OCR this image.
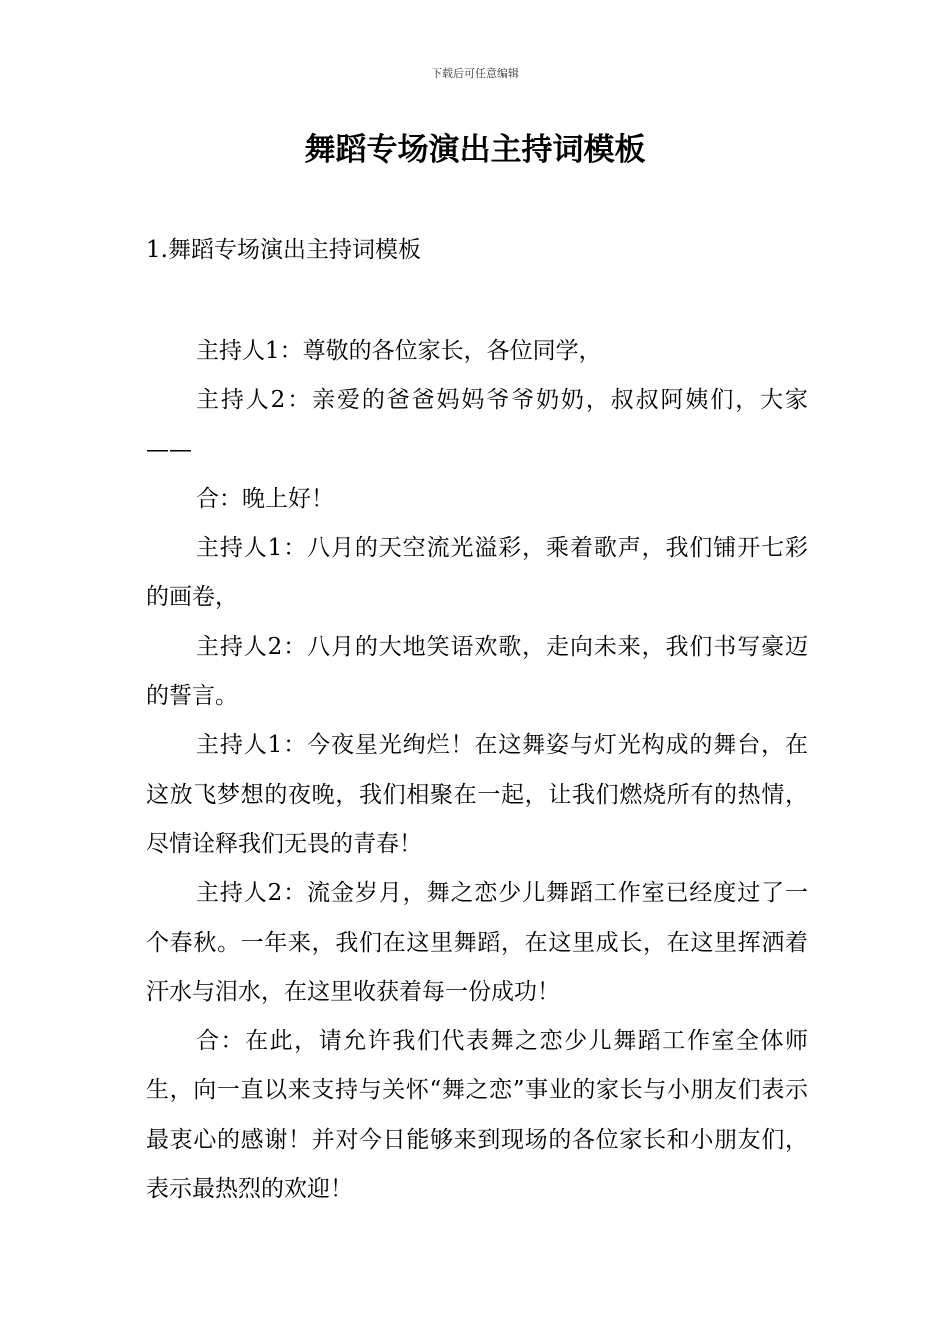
下载后可任意编辑
舞蹈专场演出主持词模板
1.舞蹈专场演出主持词模板

主持人1：尊敬的各位家长，各位同学，

主持人2：亲爱的爸爸妈妈爷爷奶奶，叔叔阿姨们，大家——

合：晚上好！

主持人1：八月的天空流光溢彩，乘着歌声，我们铺开七彩的画卷，

主持人2：八月的大地笑语欢歌，走向未来，我们书写豪迈的誓言。

主持人1：今夜星光绚烂！在这舞姿与灯光构成的舞台，在这放飞梦想的夜晚，我们相聚在一起，让我们燃烧所有的热情，尽情诠释我们无畏的青春！

主持人2：流金岁月，舞之恋少儿舞蹈工作室已经度过了一个春秋。一年来，我们在这里舞蹈，在这里成长，在这里挥洒着汗水与泪水，在这里收获着每一份成功！

合：在此，请允许我们代表舞之恋少儿舞蹈工作室全体师生，向一直以来支持与关怀“舞之恋”事业的家长与小朋友们表示最衷心的感谢！并对今日能够来到现场的各位家长和小朋友们，表示最热烈的欢迎！
